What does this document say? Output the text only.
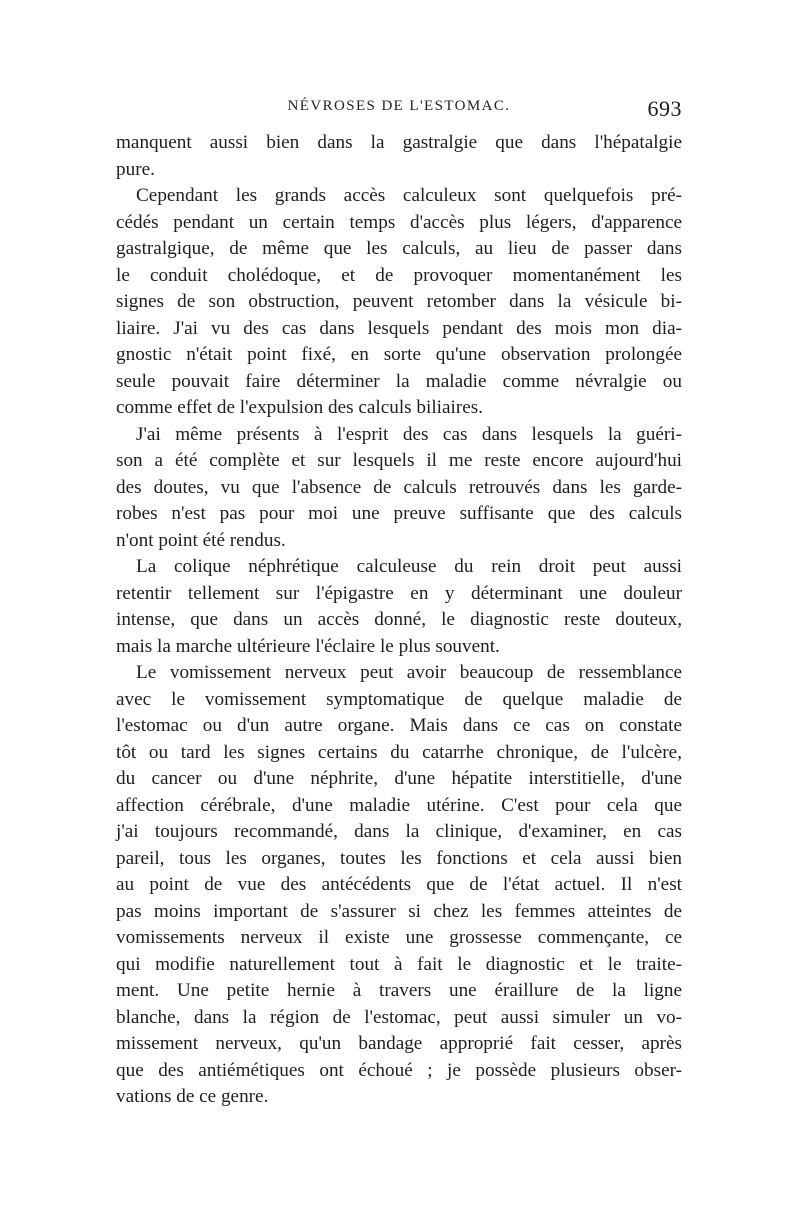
NÉVROSES DE L'ESTOMAC.	693
manquent aussi bien dans la gastralgie que dans l'hépatalgie
pure.
Cependant les grands accès calculeux sont quelquefois pré-
cédés pendant un certain temps d'accès plus légers, d'apparence
gastralgique, de même que les calculs, au lieu de passer dans
le conduit cholédoque, et de provoquer momentanément les
signes de son obstruction, peuvent retomber dans la vésicule bi-
liaire. J'ai vu des cas dans lesquels pendant des mois mon dia-
gnostic n'était point fixé, en sorte qu'une observation prolongée
seule pouvait faire déterminer la maladie comme névralgie ou
comme effet de l'expulsion des calculs biliaires.
J'ai même présents à l'esprit des cas dans lesquels la guéri-
son a été complète et sur lesquels il me reste encore aujourd'hui
des doutes, vu que l'absence de calculs retrouvés dans les garde-
robes n'est pas pour moi une preuve suffisante que des calculs
n'ont point été rendus.
La colique néphrétique calculeuse du rein droit peut aussi
retentir tellement sur l'épigastre en y déterminant une douleur
intense, que dans un accès donné, le diagnostic reste douteux,
mais la marche ultérieure l'éclaire le plus souvent.
Le vomissement nerveux peut avoir beaucoup de ressemblance
avec le vomissement symptomatique de quelque maladie de
l'estomac ou d'un autre organe. Mais dans ce cas on constate
tôt ou tard les signes certains du catarrhe chronique, de l'ulcère,
du cancer ou d'une néphrite, d'une hépatite interstitielle, d'une
affection cérébrale, d'une maladie utérine. C'est pour cela que
j'ai toujours recommandé, dans la clinique, d'examiner, en cas
pareil, tous les organes, toutes les fonctions et cela aussi bien
au point de vue des antécédents que de l'état actuel. Il n'est
pas moins important de s'assurer si chez les femmes atteintes de
vomissements nerveux il existe une grossesse commençante, ce
qui modifie naturellement tout à fait le diagnostic et le traite-
ment. Une petite hernie à travers une éraillure de la ligne
blanche, dans la région de l'estomac, peut aussi simuler un vo-
missement nerveux, qu'un bandage approprié fait cesser, après
que des antiémétiques ont échoué ; je possède plusieurs obser-
vations de ce genre.
